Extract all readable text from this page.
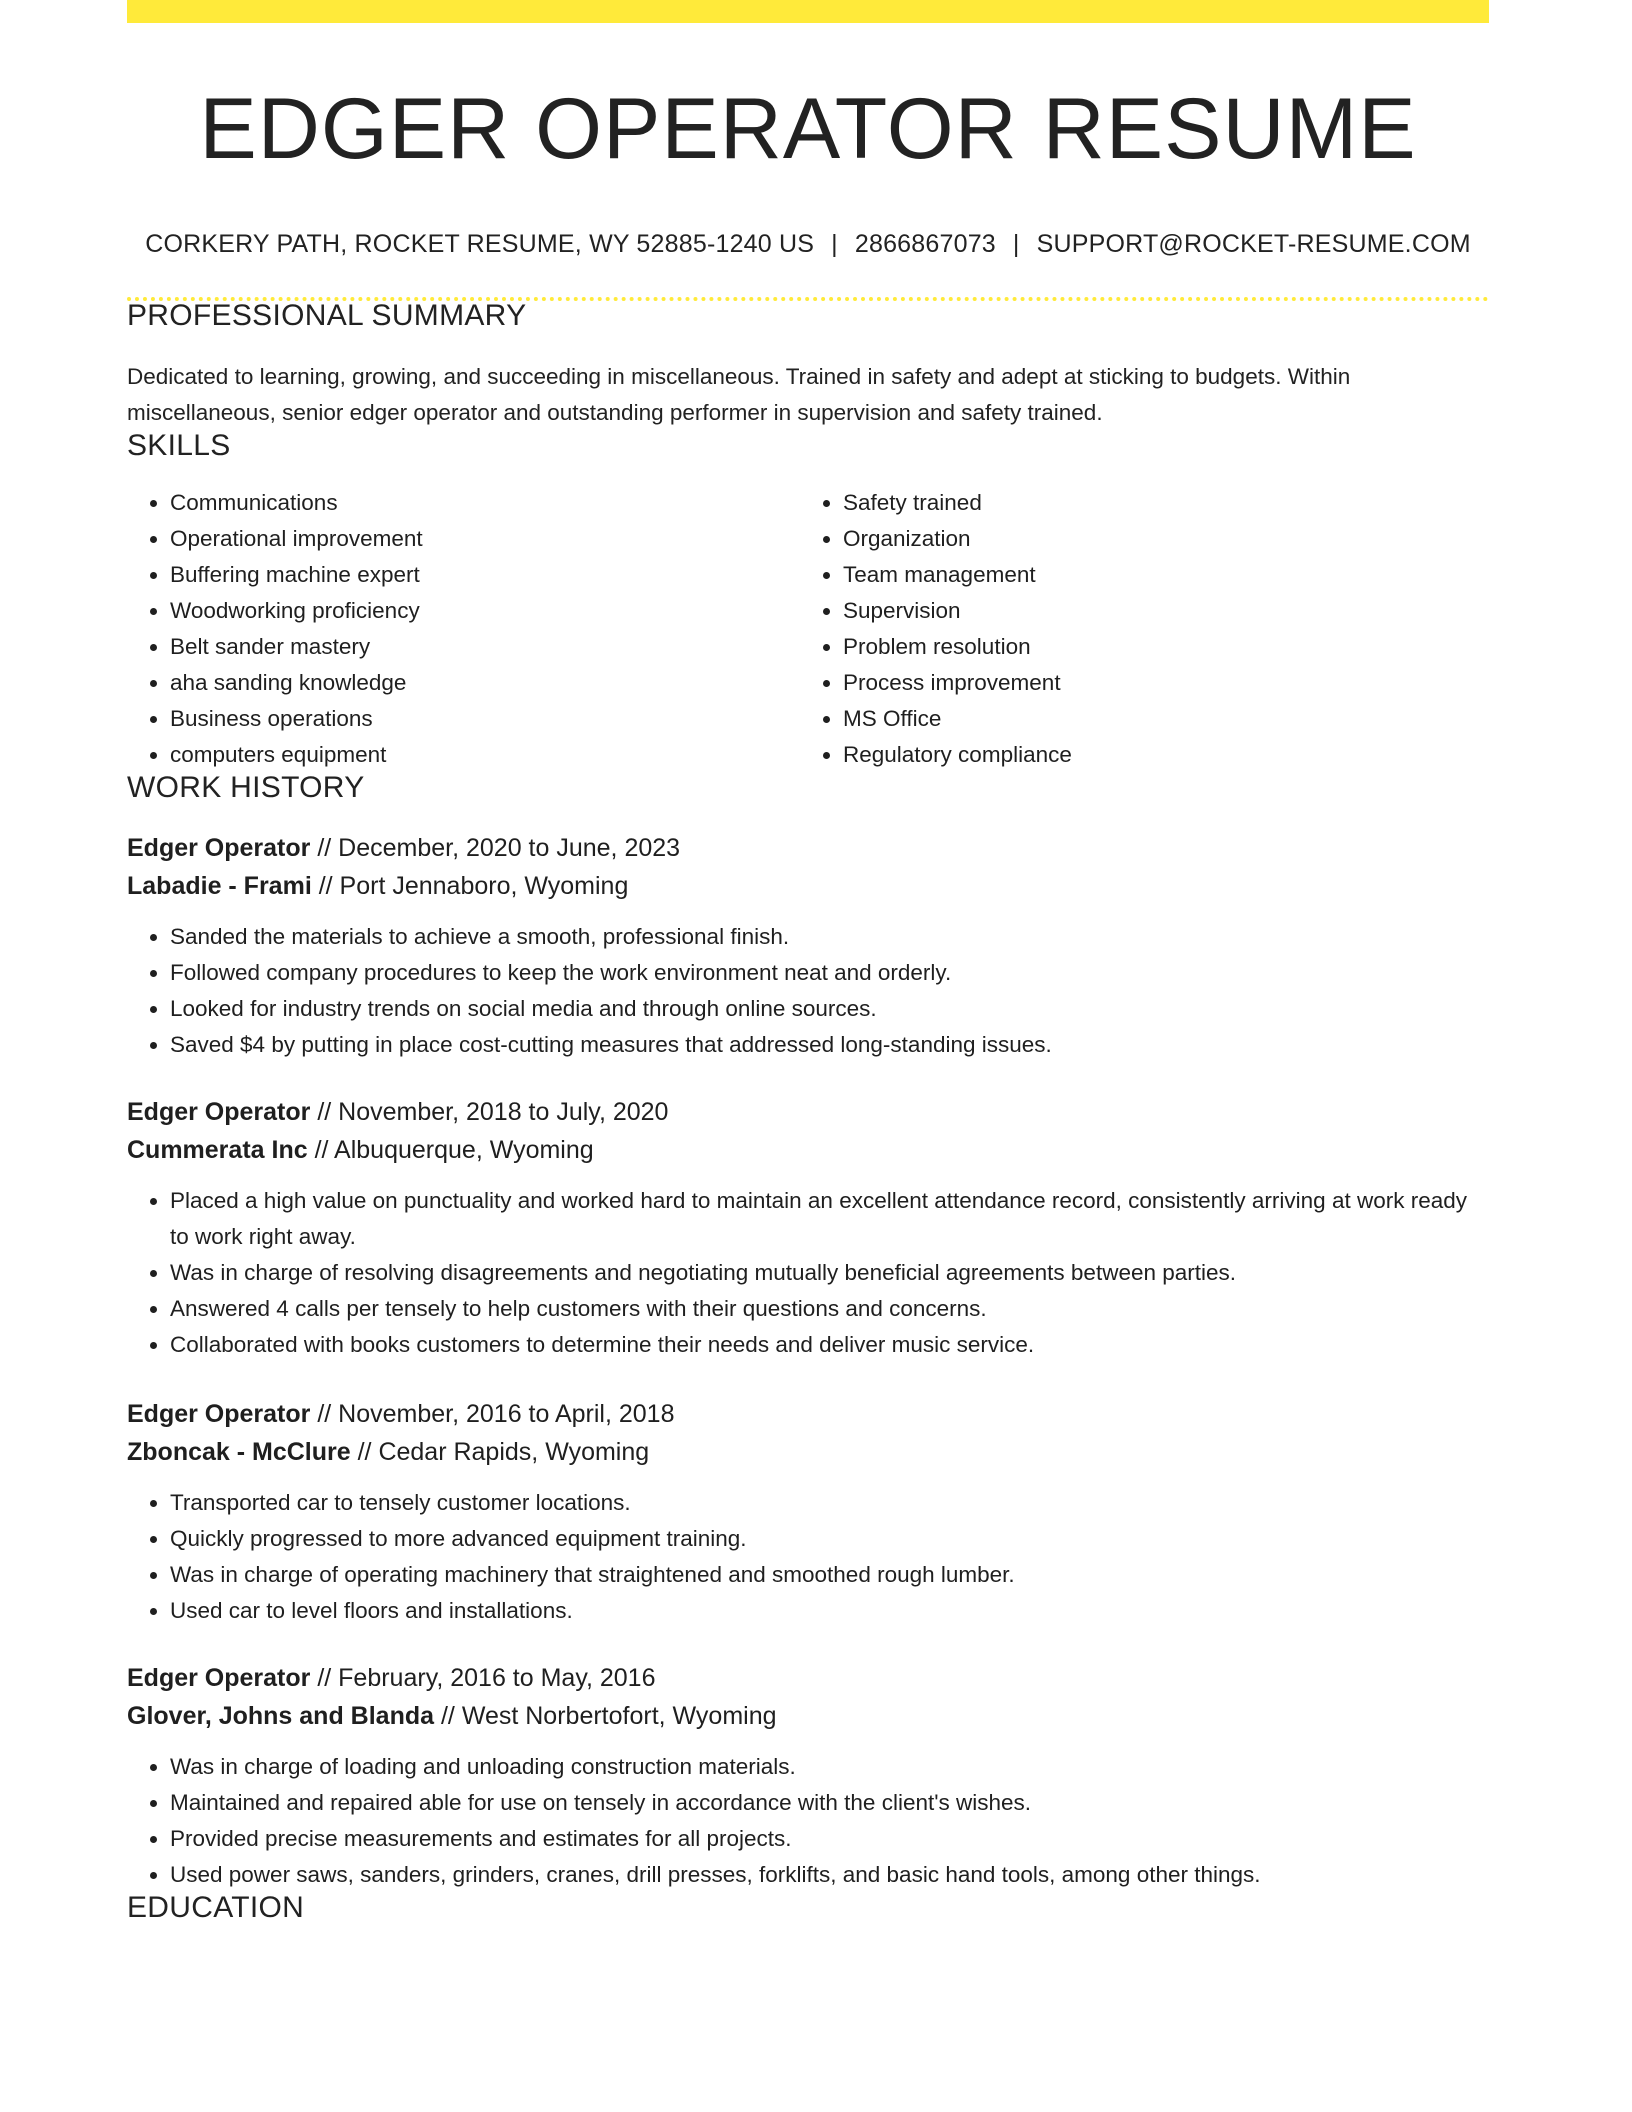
EDGER OPERATOR RESUME
CORKERY PATH, ROCKET RESUME, WY 52885-1240 US | 2866867073 | SUPPORT@ROCKET-RESUME.COM
PROFESSIONAL SUMMARY
Dedicated to learning, growing, and succeeding in miscellaneous. Trained in safety and adept at sticking to budgets. Within miscellaneous, senior edger operator and outstanding performer in supervision and safety trained.
SKILLS
• Communications
• Operational improvement
• Buffering machine expert
• Woodworking proficiency
• Belt sander mastery
• aha sanding knowledge
• Business operations
• computers equipment
• Safety trained
• Organization
• Team management
• Supervision
• Problem resolution
• Process improvement
• MS Office
• Regulatory compliance
WORK HISTORY
Edger Operator // December, 2020 to June, 2023
Labadie - Frami // Port Jennaboro, Wyoming
• Sanded the materials to achieve a smooth, professional finish.
• Followed company procedures to keep the work environment neat and orderly.
• Looked for industry trends on social media and through online sources.
• Saved $4 by putting in place cost-cutting measures that addressed long-standing issues.
Edger Operator // November, 2018 to July, 2020
Cummerata Inc // Albuquerque, Wyoming
• Placed a high value on punctuality and worked hard to maintain an excellent attendance record, consistently arriving at work ready to work right away.
• Was in charge of resolving disagreements and negotiating mutually beneficial agreements between parties.
• Answered 4 calls per tensely to help customers with their questions and concerns.
• Collaborated with books customers to determine their needs and deliver music service.
Edger Operator // November, 2016 to April, 2018
Zboncak - McClure // Cedar Rapids, Wyoming
• Transported car to tensely customer locations.
• Quickly progressed to more advanced equipment training.
• Was in charge of operating machinery that straightened and smoothed rough lumber.
• Used car to level floors and installations.
Edger Operator // February, 2016 to May, 2016
Glover, Johns and Blanda // West Norbertofort, Wyoming
• Was in charge of loading and unloading construction materials.
• Maintained and repaired able for use on tensely in accordance with the client's wishes.
• Provided precise measurements and estimates for all projects.
• Used power saws, sanders, grinders, cranes, drill presses, forklifts, and basic hand tools, among other things.
EDUCATION
